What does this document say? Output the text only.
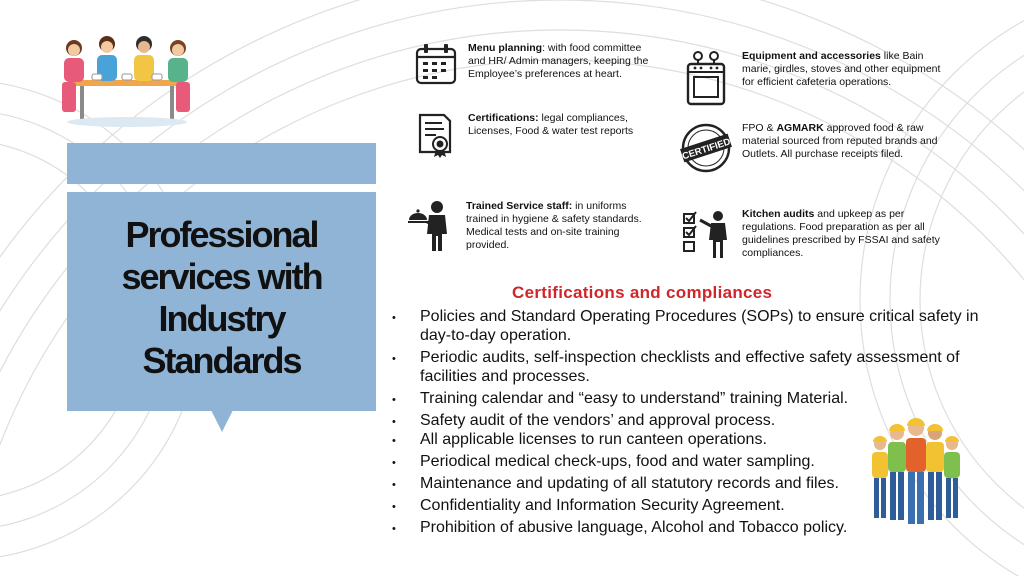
Professional
services with
Industry
Standards
Menu planning: with food committee and HR/ Admin managers, keeping the Employee’s preferences at heart.
Certifications: legal compliances, Licenses, Food & water test reports
Trained Service staff: in uniforms trained in hygiene & safety standards. Medical tests and on-site training provided.
Equipment and accessories like Bain marie, girdles, stoves and other equipment for efficient cafeteria operations.
CERTIFIED
FPO & AGMARK approved food & raw material sourced from reputed brands and
Outlets. All purchase receipts filed.
Kitchen audits and upkeep as per regulations. Food preparation as per all guidelines prescribed by FSSAI and safety compliances.
Certifications and compliances
• Policies and Standard Operating Procedures (SOPs) to ensure critical safety in day-to-day operation.
• Periodic audits, self-inspection checklists and effective safety assessment of facilities and processes.
• Training calendar and “easy to understand” training Material.
• Safety audit of the vendors’ and approval process.
• All applicable licenses to run canteen operations.
• Periodical medical check-ups, food and water sampling.
• Maintenance and updating of all statutory records and files.
• Confidentiality and Information Security Agreement.
• Prohibition of abusive language, Alcohol and Tobacco policy.
